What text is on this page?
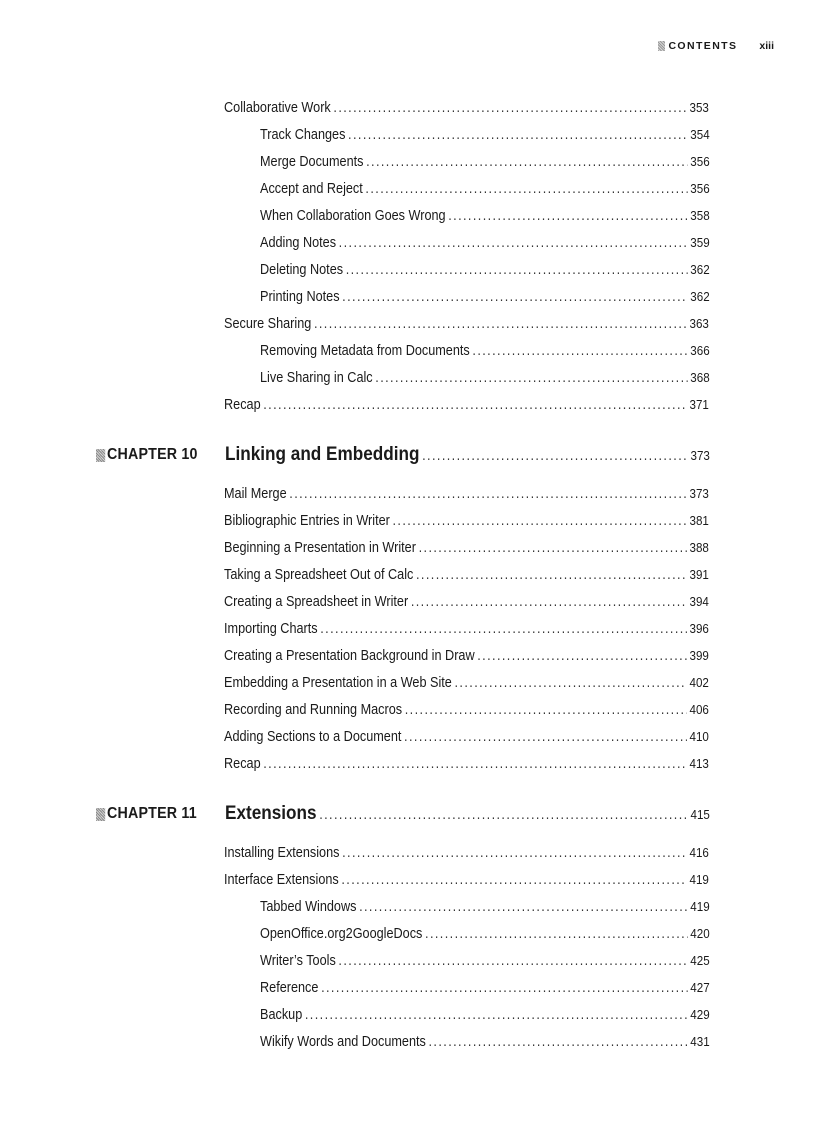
CONTENTS xiii
Collaborative Work . . .	353
Track Changes . . .	354
Merge Documents . . .	356
Accept and Reject . . .	356
When Collaboration Goes Wrong . . .	358
Adding Notes . . .	359
Deleting Notes . . .	362
Printing Notes . . .	362
Secure Sharing . . .	363
Removing Metadata from Documents . . .	366
Live Sharing in Calc . . .	368
Recap . . .	371
CHAPTER 10 Linking and Embedding . . .	373
Mail Merge . . .	373
Bibliographic Entries in Writer . . .	381
Beginning a Presentation in Writer . . .	388
Taking a Spreadsheet Out of Calc . . .	391
Creating a Spreadsheet in Writer . . .	394
Importing Charts . . .	396
Creating a Presentation Background in Draw . . .	399
Embedding a Presentation in a Web Site . . .	402
Recording and Running Macros . . .	406
Adding Sections to a Document . . .	410
Recap . . .	413
CHAPTER 11 Extensions . . .	415
Installing Extensions . . .	416
Interface Extensions . . .	419
Tabbed Windows . . .	419
OpenOffice.org2GoogleDocs . . .	420
Writer’s Tools . . .	425
Reference . . .	427
Backup . . .	429
Wikify Words and Documents . . .	431
